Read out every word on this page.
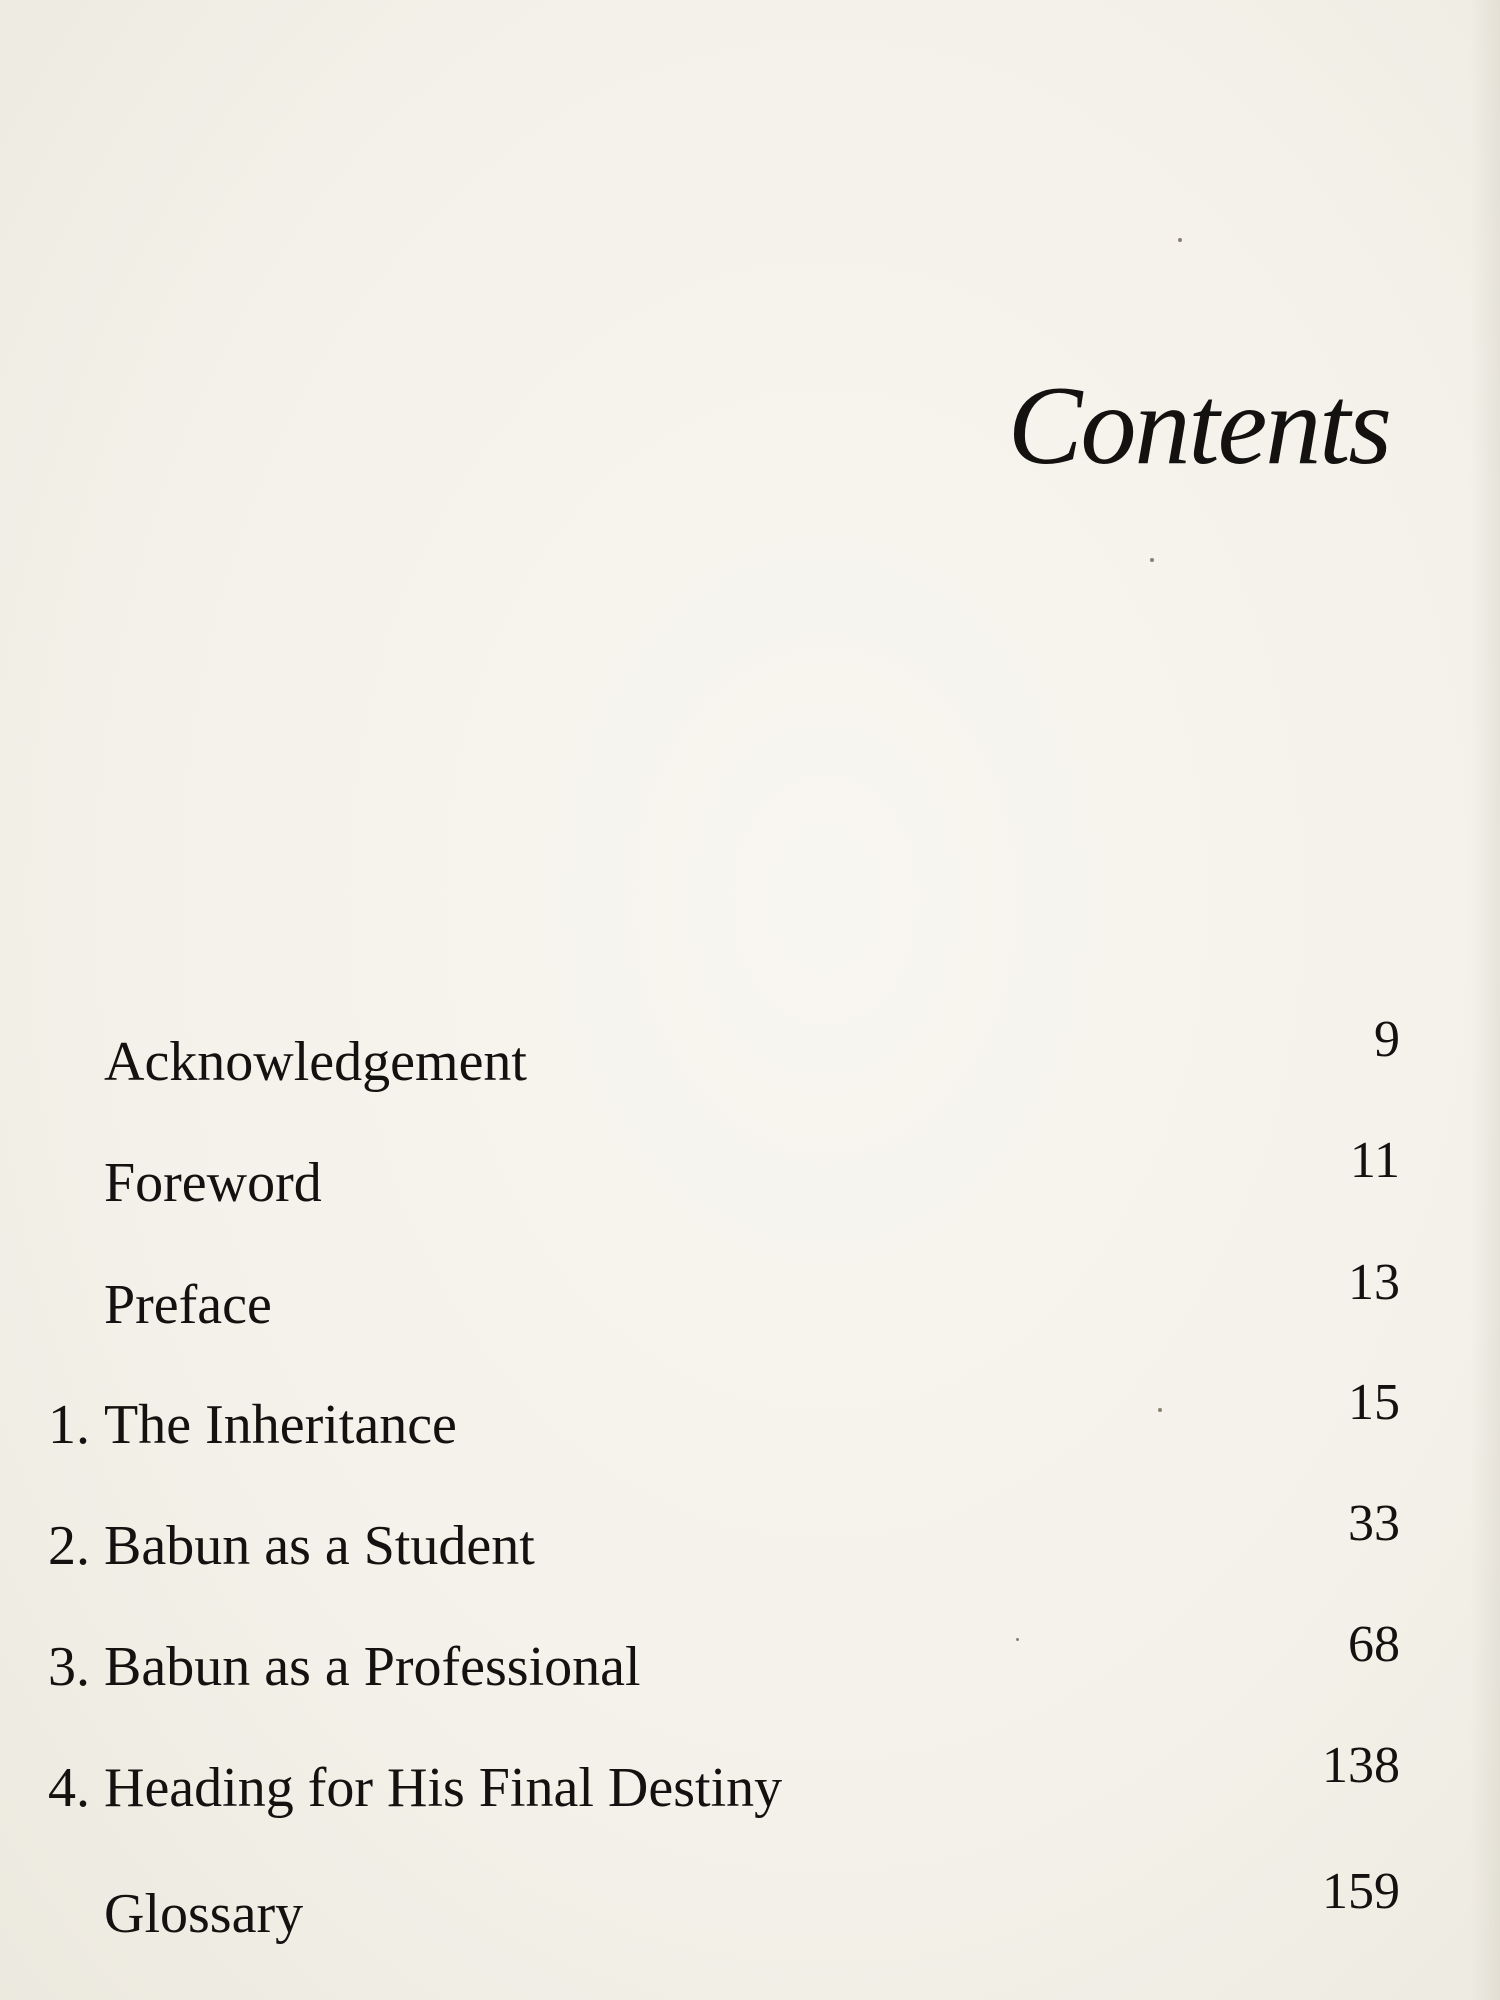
Contents
Acknowledgement	9
Foreword	11
Preface	13
1. The Inheritance	15
2. Babun as a Student	33
3. Babun as a Professional	68
4. Heading for His Final Destiny	138
Glossary	159
